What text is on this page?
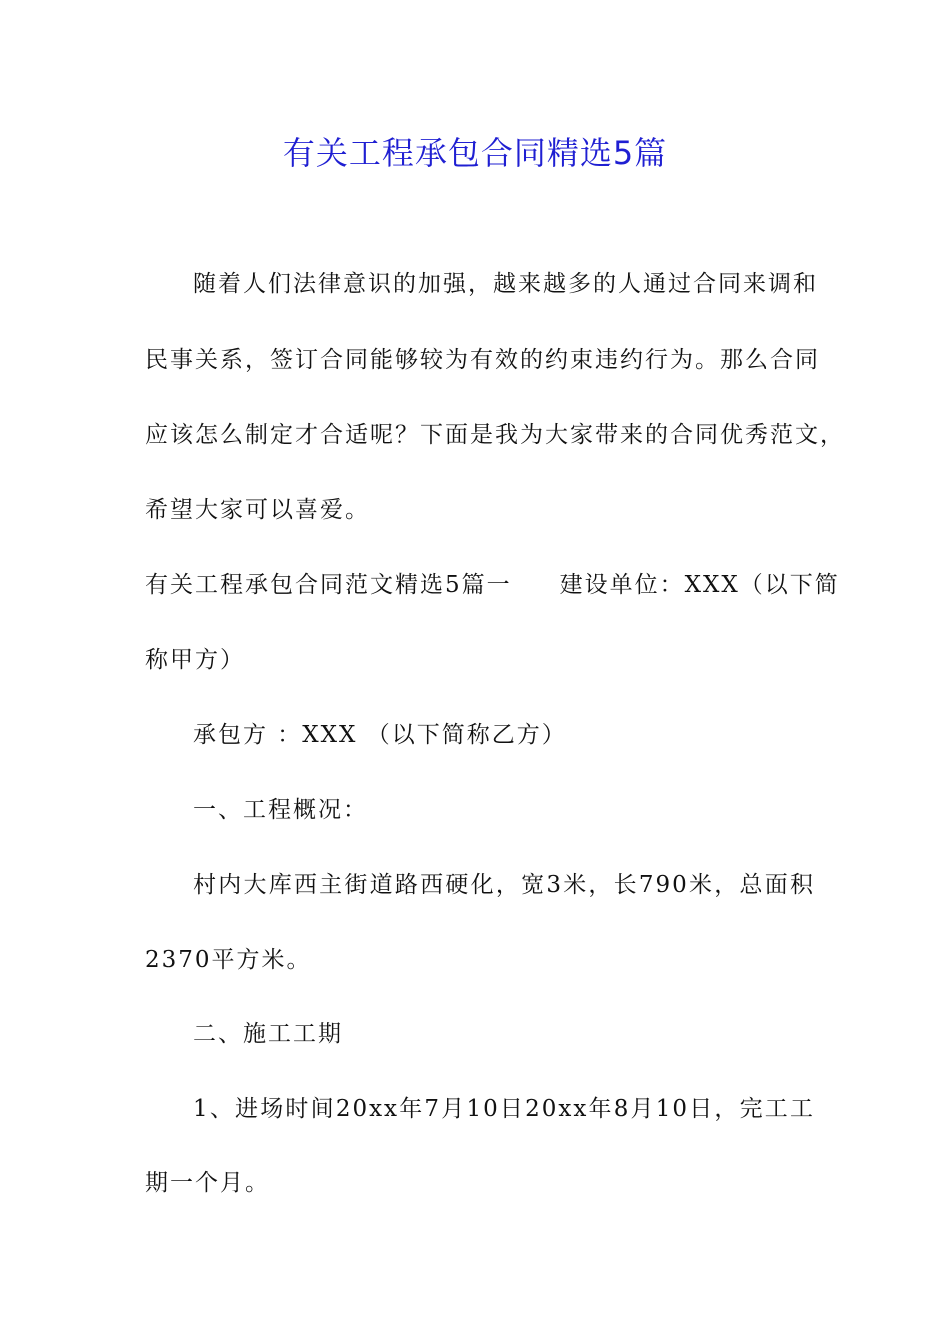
有关工程承包合同精选5篇
随着人们法律意识的加强，越来越多的人通过合同来调和
民事关系，签订合同能够较为有效的约束违约行为。那么合同
应该怎么制定才合适呢？下面是我为大家带来的合同优秀范文，
希望大家可以喜爱。
有关工程承包合同范文精选5篇一 建设单位：XXX（以下简
称甲方）
承包方 ：XXX （以下简称乙方）
一、工程概况：
村内大库西主街道路西硬化，宽3米，长790米，总面积
2370平方米。
二、施工工期
1、进场时间20xx年7月10日20xx年8月10日，完工工
期一个月。
